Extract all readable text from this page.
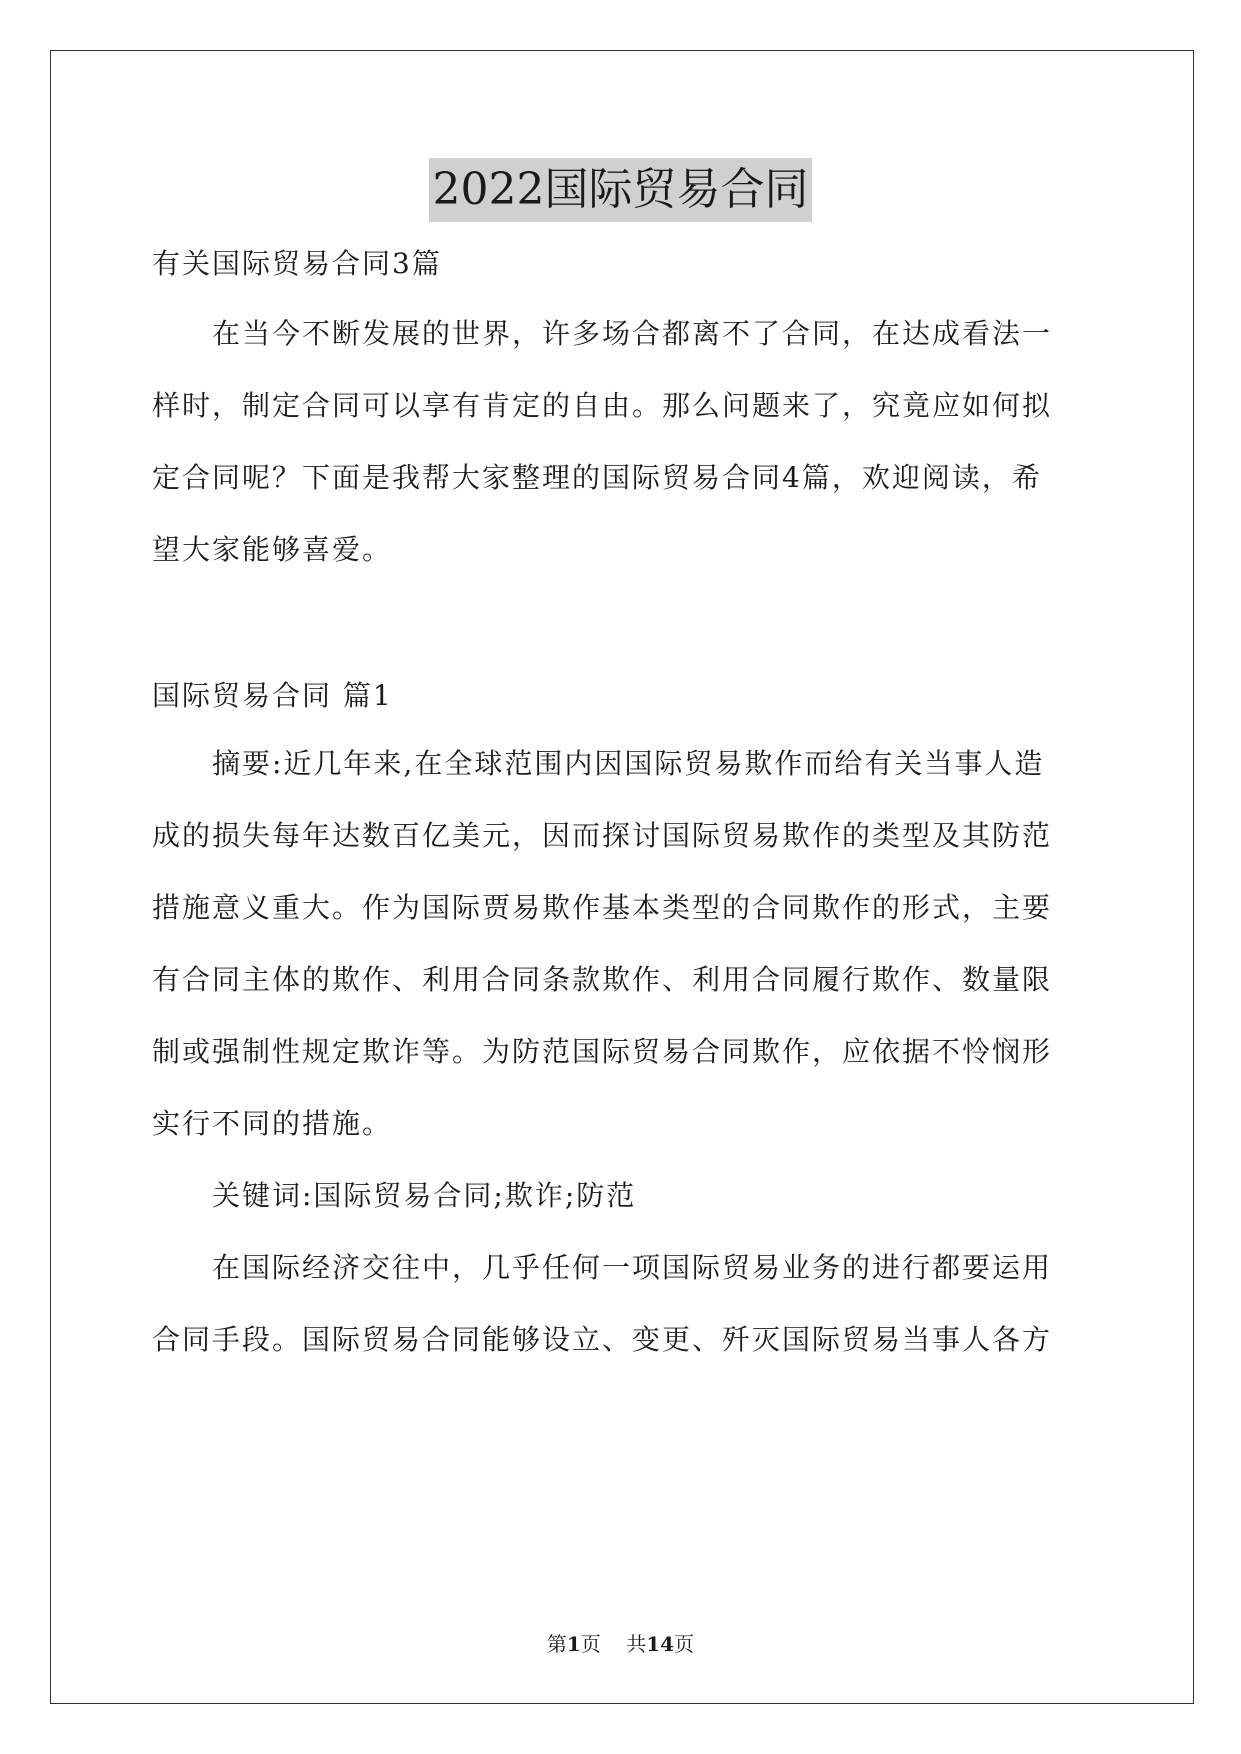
2022国际贸易合同
有关国际贸易合同3篇
在当今不断发展的世界，许多场合都离不了合同，在达成看法一
样时，制定合同可以享有肯定的自由。那么问题来了，究竟应如何拟
定合同呢？下面是我帮大家整理的国际贸易合同4篇，欢迎阅读，希
望大家能够喜爱。
国际贸易合同 篇1
摘要:近几年来,在全球范围内因国际贸易欺作而给有关当事人造
成的损失每年达数百亿美元，因而探讨国际贸易欺作的类型及其防范
措施意义重大。作为国际贾易欺作基本类型的合同欺作的形式，主要
有合同主体的欺作、利用合同条款欺作、利用合同履行欺作、数量限
制或强制性规定欺诈等。为防范国际贸易合同欺作，应依据不怜悯形
实行不同的措施。
关键词:国际贸易合同;欺诈;防范
在国际经济交往中，几乎任何一项国际贸易业务的进行都要运用
合同手段。国际贸易合同能够设立、变更、歼灭国际贸易当事人各方
第1页    共14页
